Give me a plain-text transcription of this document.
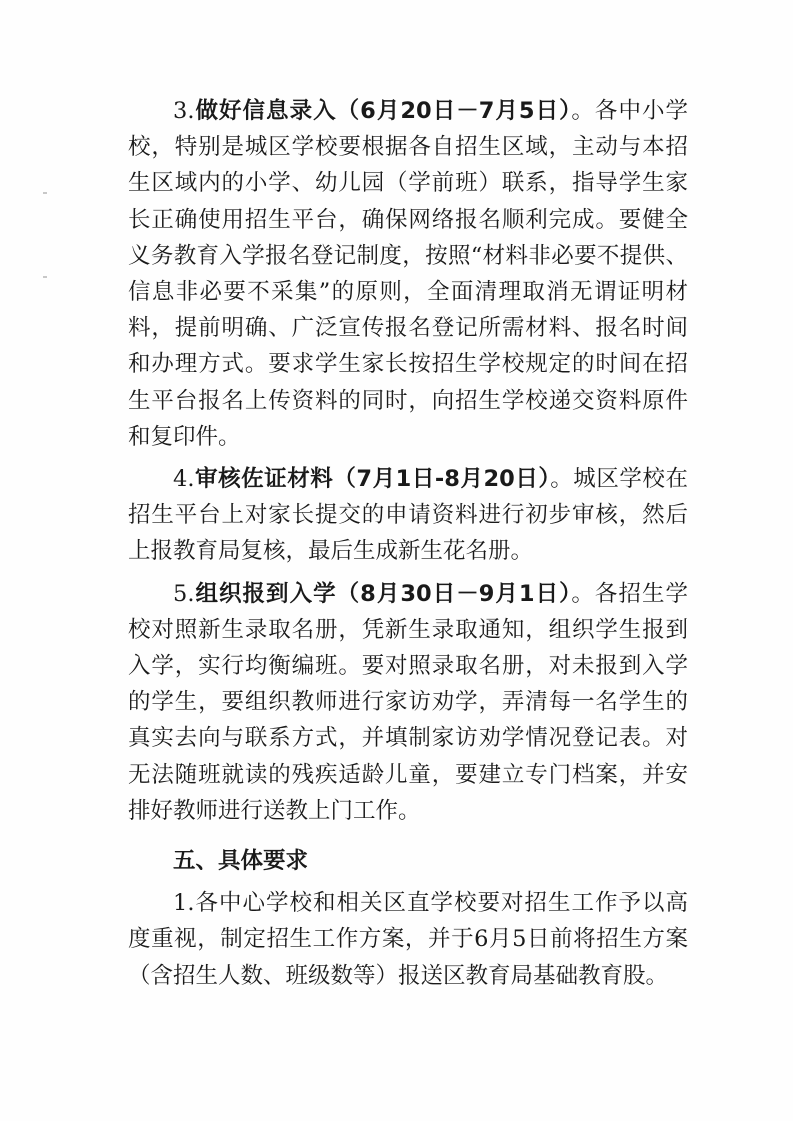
3.做好信息录入（6月20日－7月5日）。各中小学校，特别是城区学校要根据各自招生区域，主动与本招生区域内的小学、幼儿园（学前班）联系，指导学生家长正确使用招生平台，确保网络报名顺利完成。要健全义务教育入学报名登记制度，按照“材料非必要不提供、信息非必要不采集”的原则，全面清理取消无谓证明材料，提前明确、广泛宣传报名登记所需材料、报名时间和办理方式。要求学生家长按招生学校规定的时间在招生平台报名上传资料的同时，向招生学校递交资料原件和复印件。

4.审核佐证材料（7月1日-8月20日）。城区学校在招生平台上对家长提交的申请资料进行初步审核，然后上报教育局复核，最后生成新生花名册。

5.组织报到入学（8月30日－9月1日）。各招生学校对照新生录取名册，凭新生录取通知，组织学生报到入学，实行均衡编班。要对照录取名册，对未报到入学的学生，要组织教师进行家访劝学，弄清每一名学生的真实去向与联系方式，并填制家访劝学情况登记表。对无法随班就读的残疾适龄儿童，要建立专门档案，并安排好教师进行送教上门工作。

五、具体要求

1.各中心学校和相关区直学校要对招生工作予以高度重视，制定招生工作方案，并于6月5日前将招生方案（含招生人数、班级数等）报送区教育局基础教育股。
